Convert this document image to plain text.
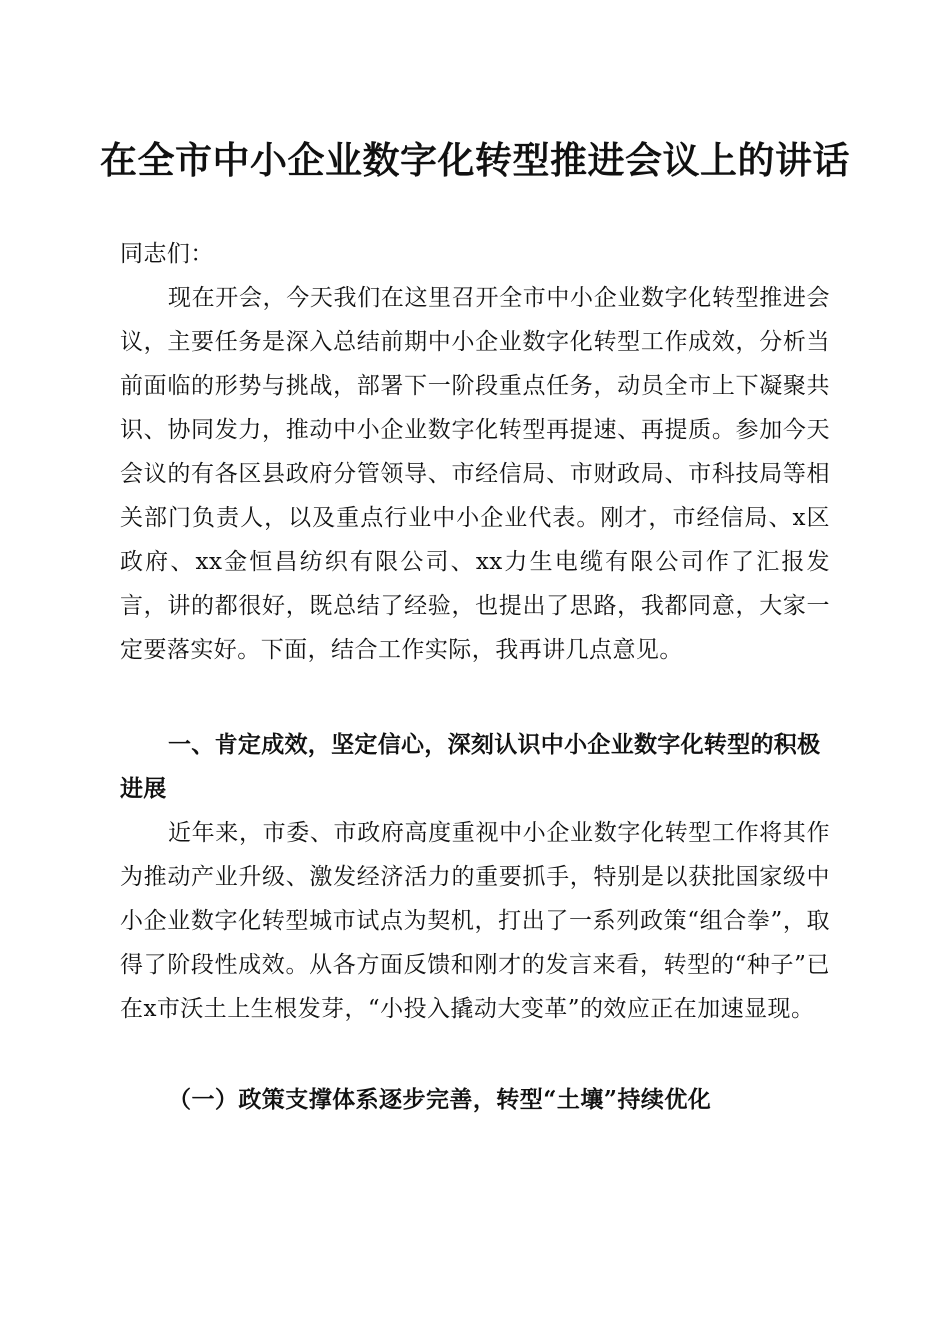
在全市中小企业数字化转型推进会议上的讲话

同志们：

现在开会，今天我们在这里召开全市中小企业数字化转型推进会议，主要任务是深入总结前期中小企业数字化转型工作成效，分析当前面临的形势与挑战，部署下一阶段重点任务，动员全市上下凝聚共识、协同发力，推动中小企业数字化转型再提速、再提质。参加今天会议的有各区县政府分管领导、市经信局、市财政局、市科技局等相关部门负责人，以及重点行业中小企业代表。刚才，市经信局、x区政府、xx金恒昌纺织有限公司、xx力生电缆有限公司作了汇报发言，讲的都很好，既总结了经验，也提出了思路，我都同意，大家一定要落实好。下面，结合工作实际，我再讲几点意见。

一、肯定成效，坚定信心，深刻认识中小企业数字化转型的积极进展

近年来，市委、市政府高度重视中小企业数字化转型工作将其作为推动产业升级、激发经济活力的重要抓手，特别是以获批国家级中小企业数字化转型城市试点为契机，打出了一系列政策“组合拳”，取得了阶段性成效。从各方面反馈和刚才的发言来看，转型的“种子”已在x市沃土上生根发芽，“小投入撬动大变革”的效应正在加速显现。

（一）政策支撑体系逐步完善，转型“土壤”持续优化
